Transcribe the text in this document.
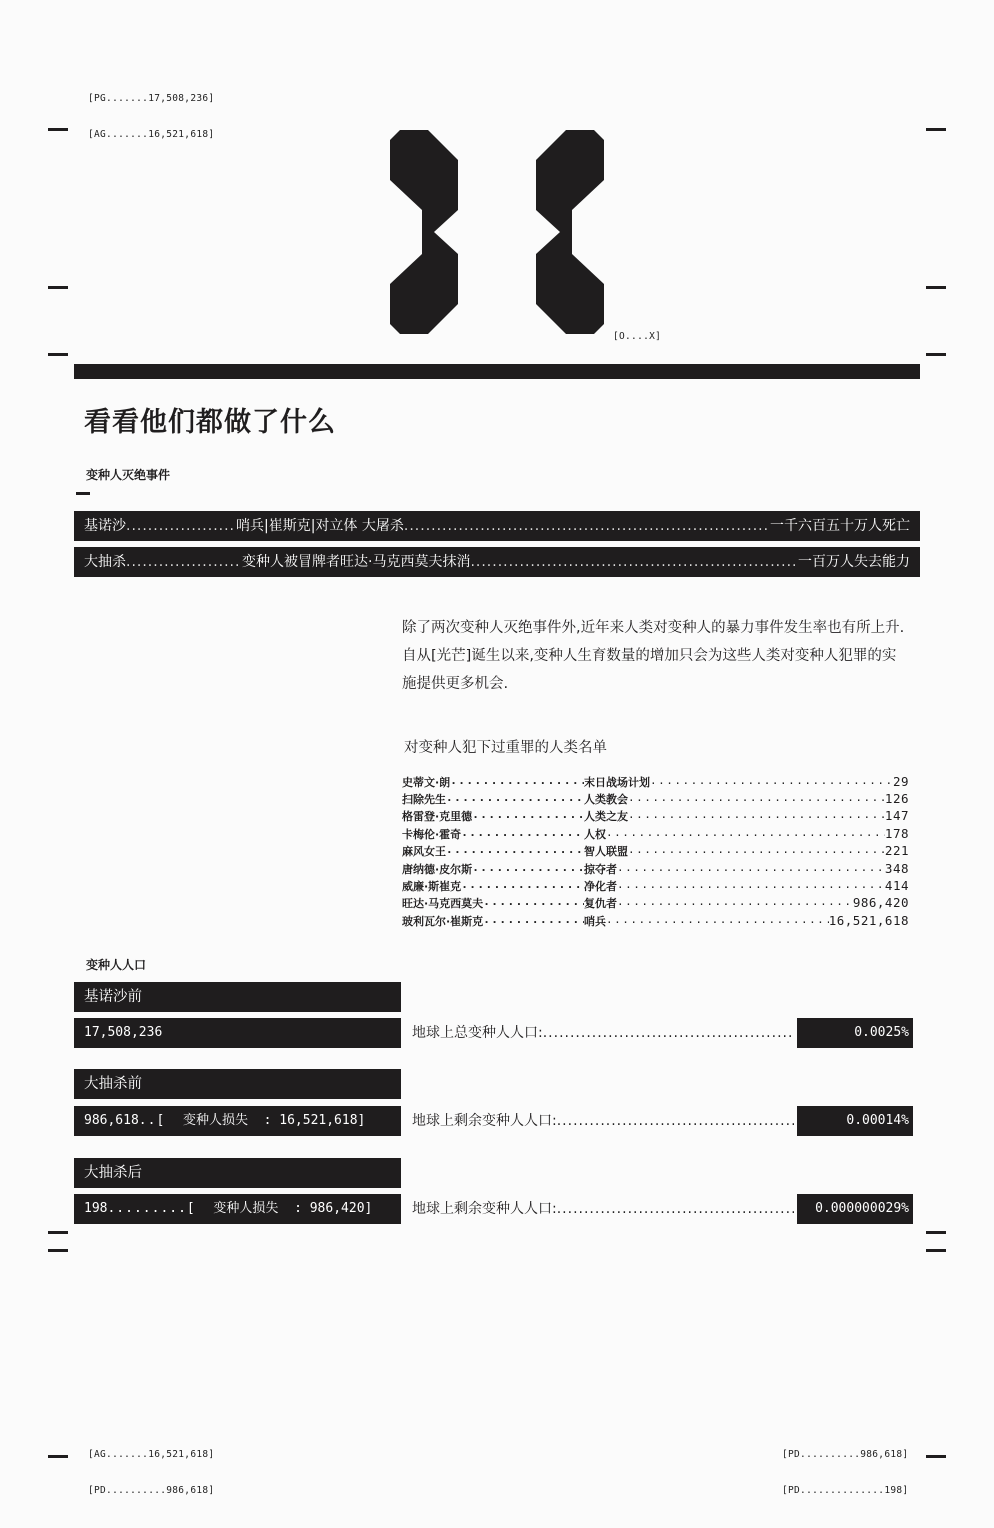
[PG.......17,508,236]

[AG.......16,521,618]

[O....X]

看看他们都做了什么
变种人灭绝事件
基诺沙 .....	哨兵|崔斯克|对立体 大屠杀 .....	一千六百五十万人死亡
大抽杀 .....	变种人被冒牌者旺达·马克西莫夫抹消 .....	一百万人失去能力
除了两次变种人灭绝事件外,近年来人类对变种人的暴力事件发生率也有所上升.自从[光芒]诞生以来,变种人生育数量的增加只会为这些人类对变种人犯罪的实施提供更多机会.
对变种人犯下过重罪的人类名单
史蒂文·朗 .....	末日战场计划 .....	29
扫除先生 .....	人类教会 .....	126
格雷登·克里德 .....	人类之友 .....	147
卡梅伦·霍奇 .....	人权 .....	178
麻风女王 .....	智人联盟 .....	221
唐纳德·皮尔斯 .....	掠夺者 .....	348
威廉·斯崔克 .....	净化者 .....	414
旺达·马克西莫夫 .....	复仇者 .....	986,420
玻利瓦尔·崔斯克 .....	哨兵 .....	16,521,618
变种人人口
基诺沙前
17,508,236	地球上总变种人人口: .....	0.0025%
大抽杀前
986,618 ..[ 变种人损失 : 16,521,618 ]	地球上剩余变种人人口: .....	0.00014%
大抽杀后
198 .........[ 变种人损失 : 986,420 ]	地球上剩余变种人人口: .....	0.000000029%

[AG.......16,521,618]

[PD..........986,618]

[PD..........986,618]

[PD..............198]
